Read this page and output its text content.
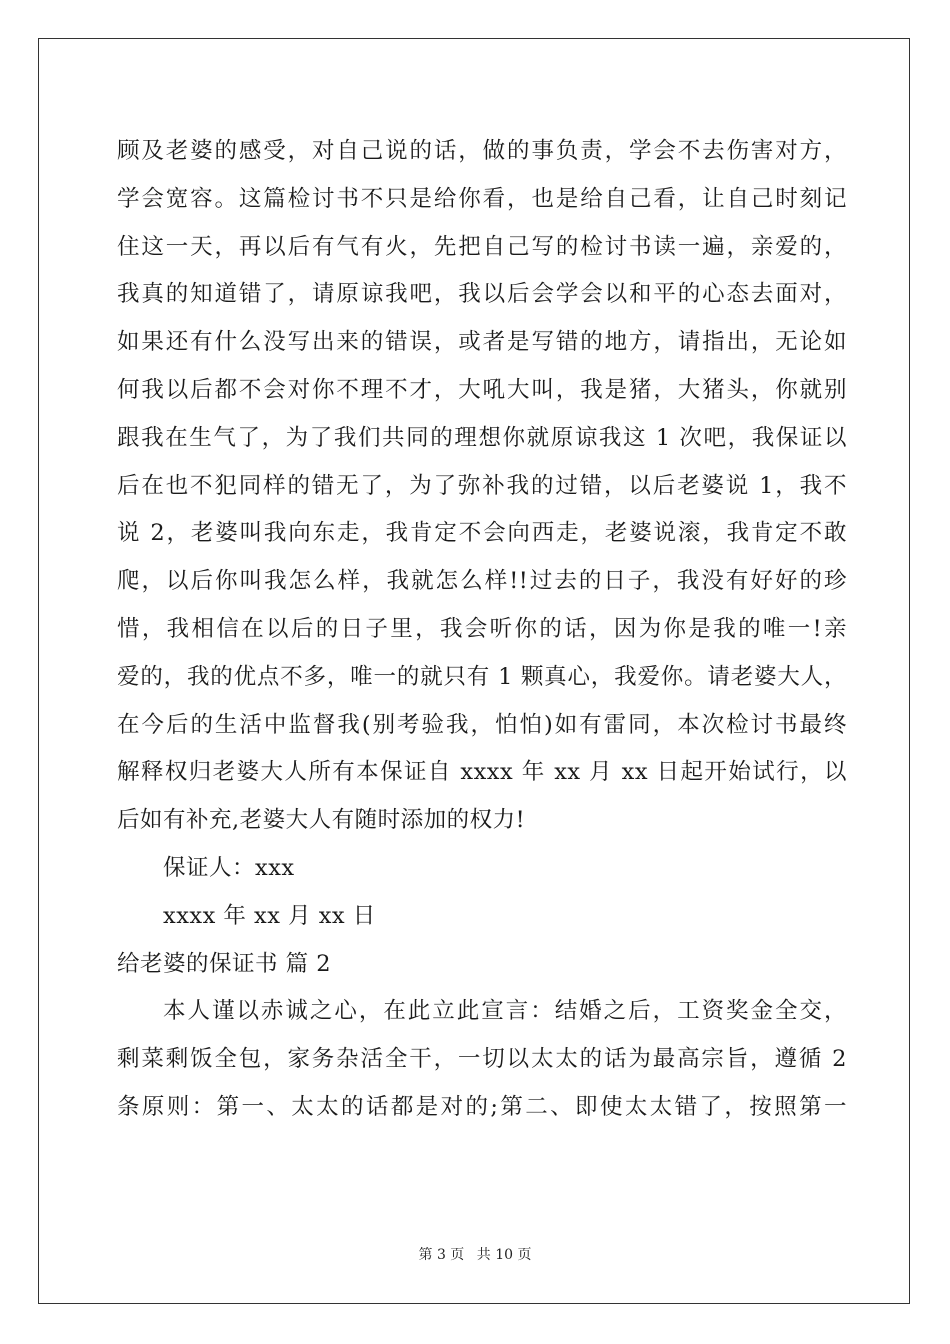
顾及老婆的感受，对自己说的话，做的事负责，学会不去伤害对方，
学会宽容。这篇检讨书不只是给你看，也是给自己看，让自己时刻记
住这一天，再以后有气有火，先把自己写的检讨书读一遍，亲爱的，
我真的知道错了，请原谅我吧，我以后会学会以和平的心态去面对，
如果还有什么没写出来的错误，或者是写错的地方，请指出，无论如
何我以后都不会对你不理不才，大吼大叫，我是猪，大猪头，你就别
跟我在生气了，为了我们共同的理想你就原谅我这 1 次吧，我保证以
后在也不犯同样的错无了，为了弥补我的过错，以后老婆说 1，我不
说 2，老婆叫我向东走，我肯定不会向西走，老婆说滚，我肯定不敢
爬，以后你叫我怎么样，我就怎么样!!过去的日子，我没有好好的珍
惜，我相信在以后的日子里，我会听你的话，因为你是我的唯一!亲
爱的，我的优点不多，唯一的就只有 1 颗真心，我爱你。请老婆大人，
在今后的生活中监督我(别考验我，怕怕)如有雷同，本次检讨书最终
解释权归老婆大人所有本保证自 xxxx 年 xx 月 xx 日起开始试行，以
后如有补充,老婆大人有随时添加的权力!
保证人：xxx
xxxx 年 xx 月 xx 日
给老婆的保证书 篇 2
本人谨以赤诚之心，在此立此宣言：结婚之后，工资奖金全交，
剩菜剩饭全包，家务杂活全干，一切以太太的话为最高宗旨，遵循 2
条原则：第一、太太的话都是对的;第二、即使太太错了，按照第一
第 3 页 共 10 页
